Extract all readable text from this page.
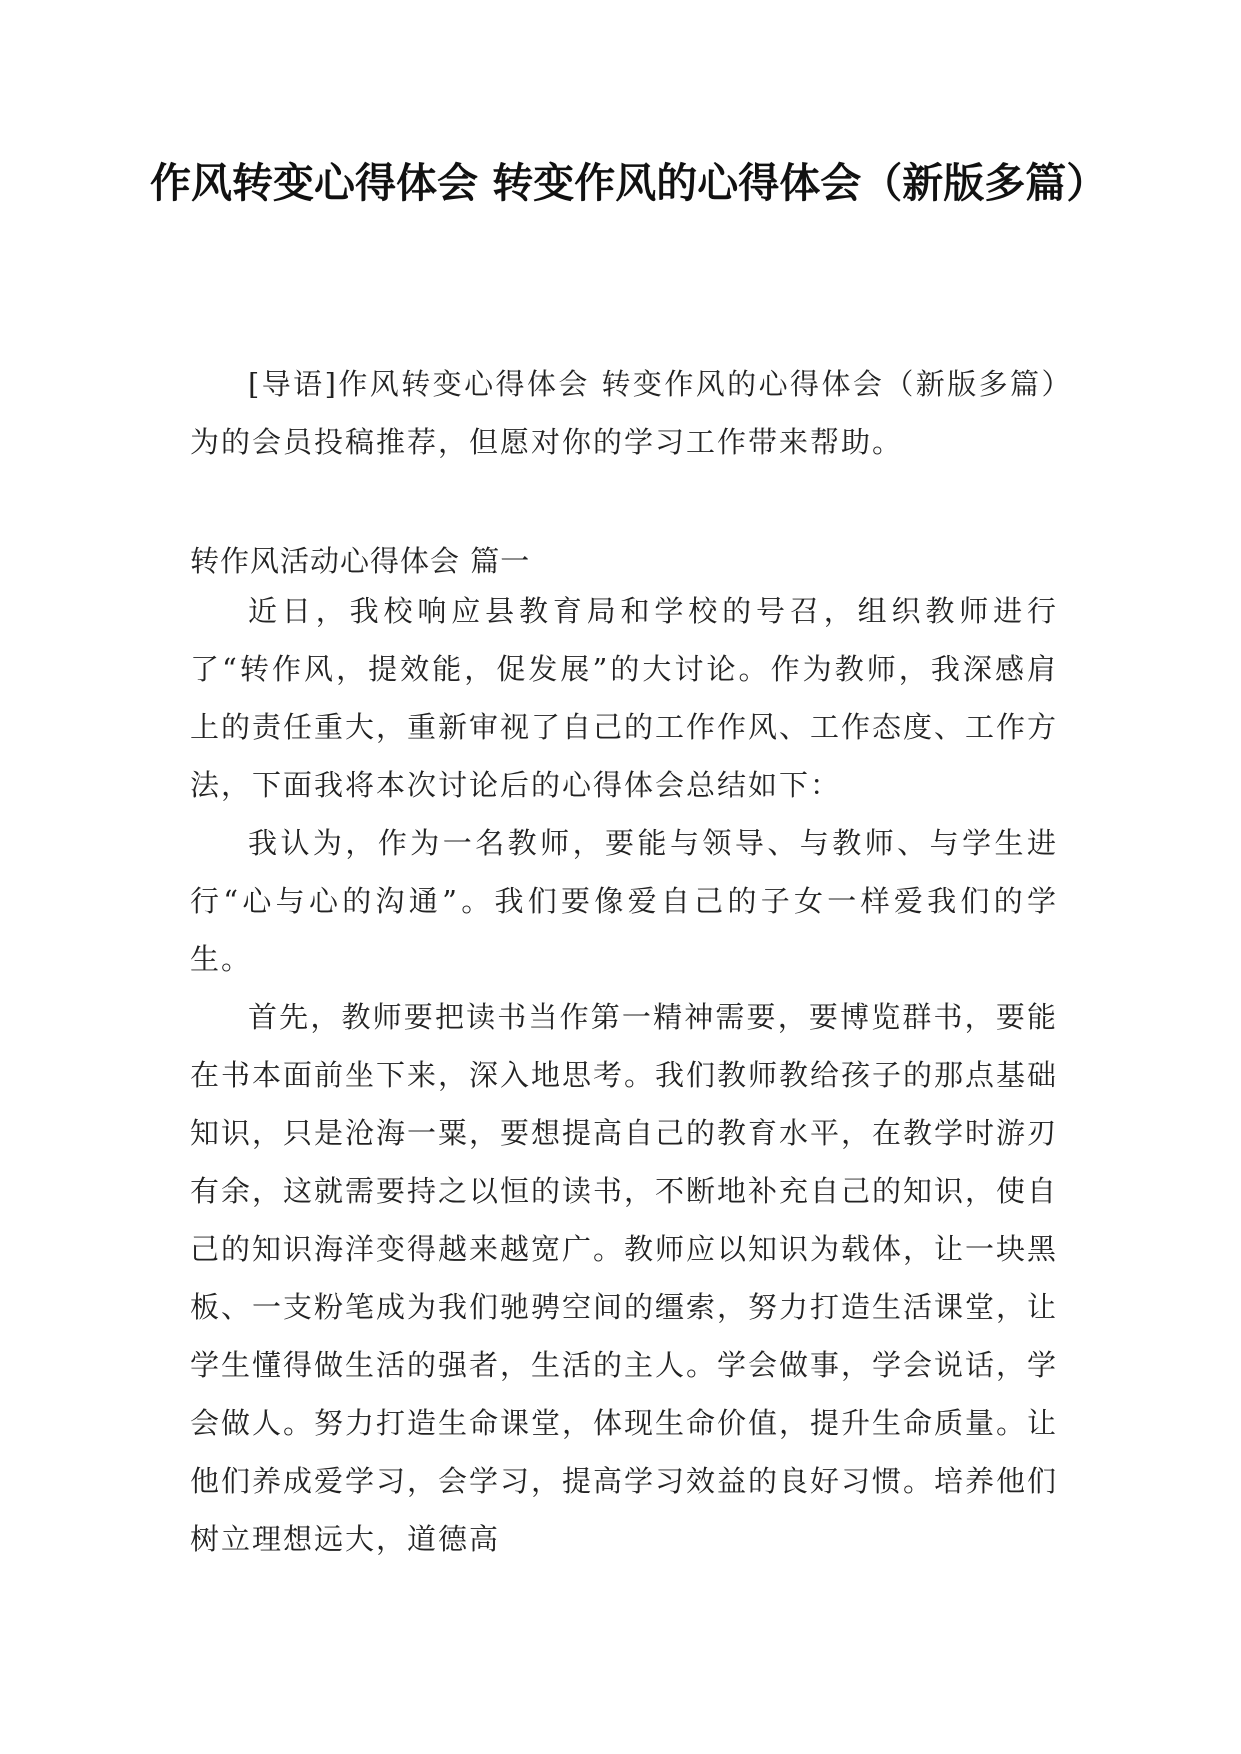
作风转变心得体会 转变作风的心得体会（新版多篇）

[导语]作风转变心得体会 转变作风的心得体会（新版多篇）为的会员投稿推荐，但愿对你的学习工作带来帮助。

转作风活动心得体会 篇一

近日，我校响应县教育局和学校的号召，组织教师进行了“转作风，提效能，促发展”的大讨论。作为教师，我深感肩上的责任重大，重新审视了自己的工作作风、工作态度、工作方法，下面我将本次讨论后的心得体会总结如下：

我认为，作为一名教师，要能与领导、与教师、与学生进行“心与心的沟通”。我们要像爱自己的子女一样爱我们的学生。

首先，教师要把读书当作第一精神需要，要博览群书，要能在书本面前坐下来，深入地思考。我们教师教给孩子的那点基础知识，只是沧海一粟，要想提高自己的教育水平，在教学时游刃有余，这就需要持之以恒的读书，不断地补充自己的知识，使自己的知识海洋变得越来越宽广。教师应以知识为载体，让一块黑板、一支粉笔成为我们驰骋空间的缰索，努力打造生活课堂，让学生懂得做生活的强者，生活的主人。学会做事，学会说话，学会做人。努力打造生命课堂，体现生命价值，提升生命质量。让他们养成爱学习，会学习，提高学习效益的良好习惯。培养他们树立理想远大，道德高
